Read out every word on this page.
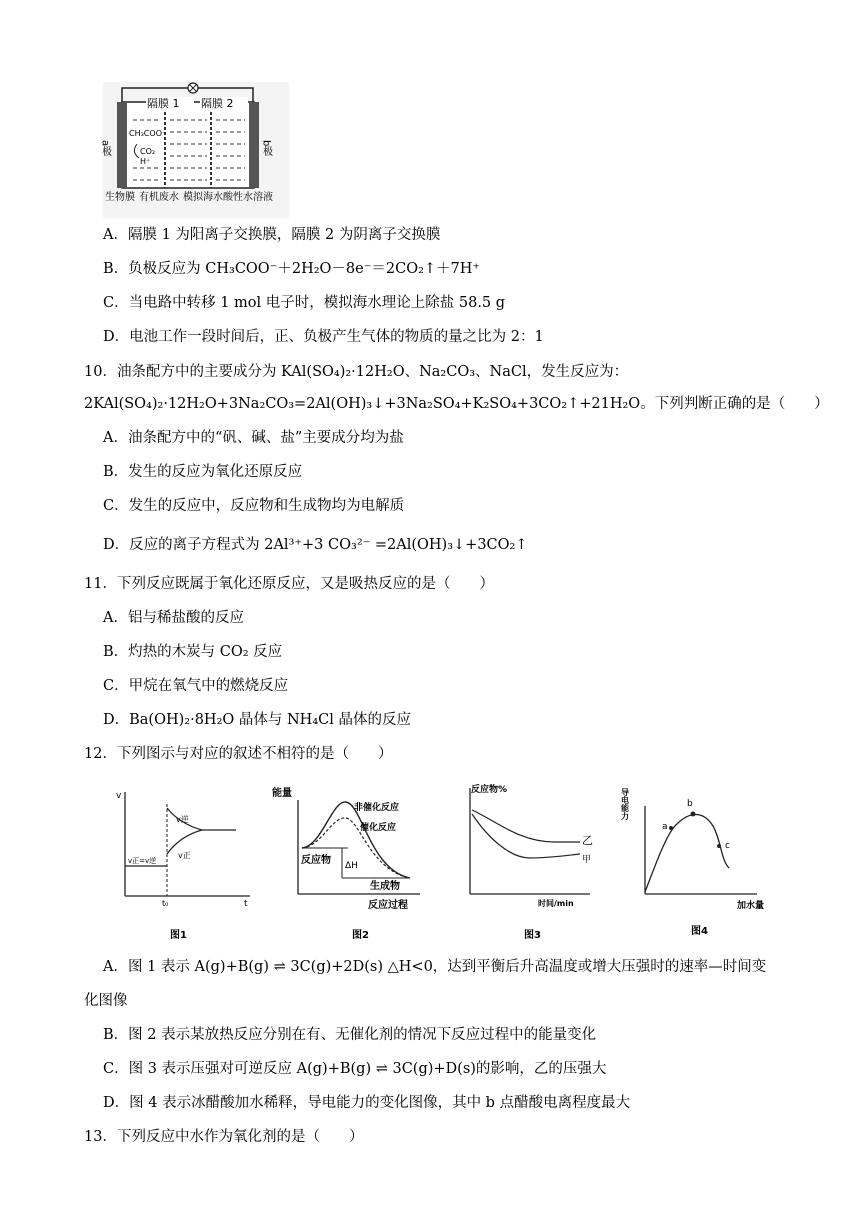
隔膜 1 隔膜 2
CH₃COO⁻
CO₂
H⁺
a极	b极
生物膜 有机废水 模拟海水 酸性水溶液
A．隔膜 1 为阳离子交换膜，隔膜 2 为阴离子交换膜
B．负极反应为 CH₃COO⁻＋2H₂O－8e⁻＝2CO₂↑＋7H⁺
C．当电路中转移 1 mol 电子时，模拟海水理论上除盐 58.5 g
D．电池工作一段时间后，正、负极产生气体的物质的量之比为 2：1
10．油条配方中的主要成分为 KAl(SO₄)₂·12H₂O、Na₂CO₃、NaCl，发生反应为：
2KAl(SO₄)₂·12H₂O+3Na₂CO₃=2Al(OH)₃↓+3Na₂SO₄+K₂SO₄+3CO₂↑+21H₂O。下列判断正确的是（　　）
A．油条配方中的“矾、碱、盐”主要成分均为盐
B．发生的反应为氧化还原反应
C．发生的反应中，反应物和生成物均为电解质
D．反应的离子方程式为 2Al³⁺+3 CO₃²⁻ =2Al(OH)₃↓+3CO₂↑
11．下列反应既属于氧化还原反应，又是吸热反应的是（　　）
A．铝与稀盐酸的反应
B．灼热的木炭与 CO₂ 反应
C．甲烷在氧气中的燃烧反应
D．Ba(OH)₂·8H₂O 晶体与 NH₄Cl 晶体的反应
12．下列图示与对应的叙述不相符的是（　　）
v
t
v逆
v正
v正=v逆
t₀
图1
能量
反应过程
反应物 ΔH
生成物
非催化反应
催化反应
图2
反应物%
时间/min
乙
甲
图3
导电能力
加水量
a
b
c
图4
A．图 1 表示 A(g)+B(g) ⇌ 3C(g)+2D(s) △H<0，达到平衡后升高温度或增大压强时的速率—时间变
化图像
B．图 2 表示某放热反应分别在有、无催化剂的情况下反应过程中的能量变化
C．图 3 表示压强对可逆反应 A(g)+B(g) ⇌ 3C(g)+D(s)的影响，乙的压强大
D．图 4 表示冰醋酸加水稀释，导电能力的变化图像，其中 b 点醋酸电离程度最大
13．下列反应中水作为氧化剂的是（　　）
